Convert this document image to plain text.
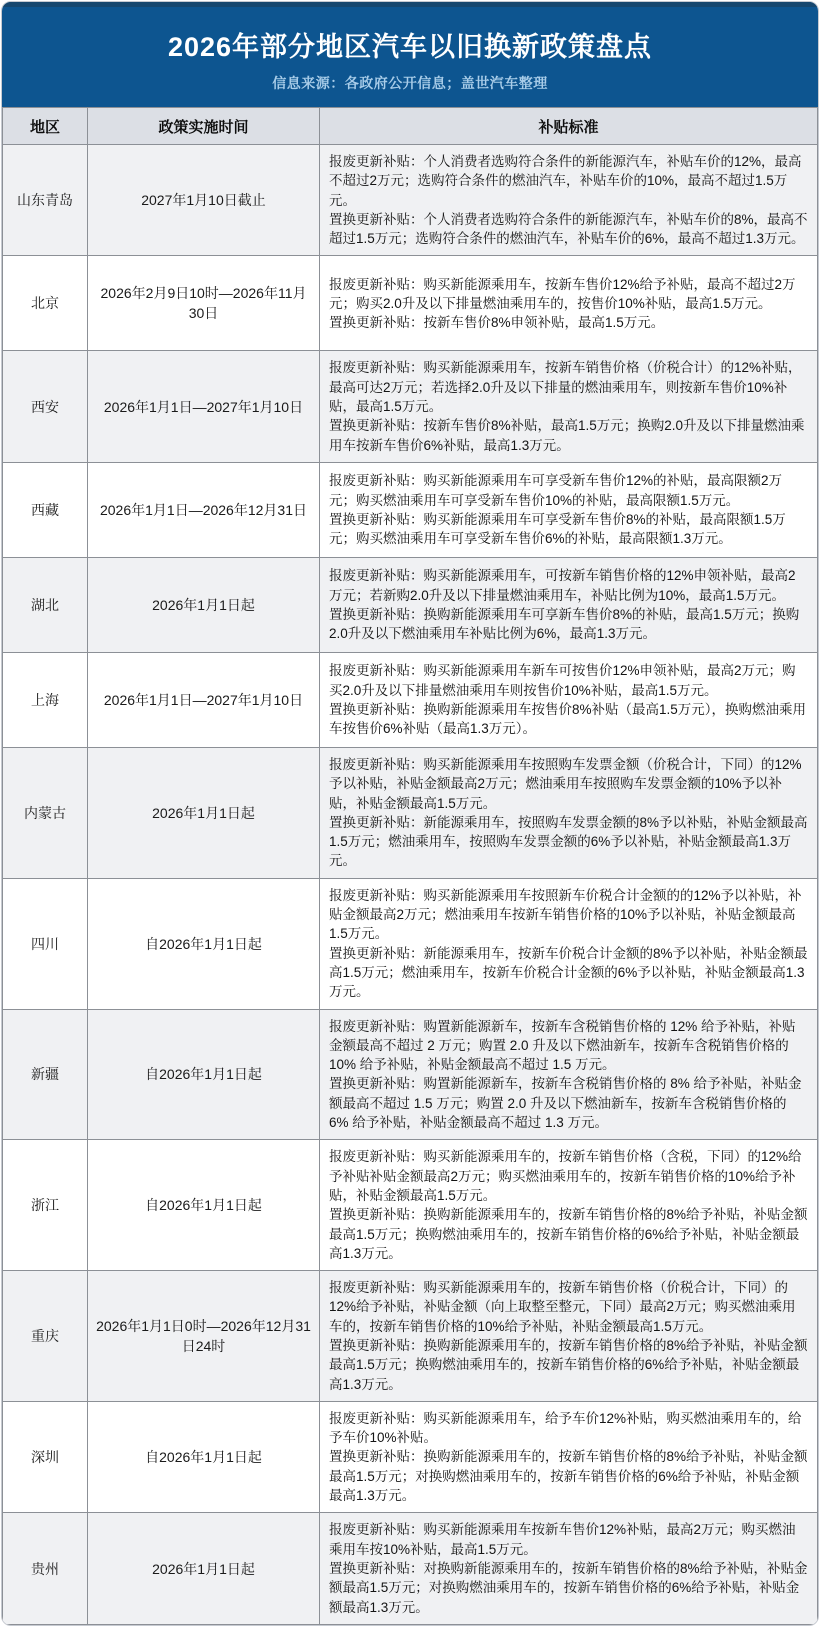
2026年部分地区汽车以旧换新政策盘点
信息来源：各政府公开信息；盖世汽车整理
地区	政策实施时间	补贴标准
山东青岛	2027年1月10日截止	报废更新补贴：个人消费者选购符合条件的新能源汽车，补贴车价的12%，最高不超过2万元；选购符合条件的燃油汽车，补贴车价的10%，最高不超过1.5万元。
置换更新补贴：个人消费者选购符合条件的新能源汽车，补贴车价的8%，最高不超过1.5万元；选购符合条件的燃油汽车，补贴车价的6%，最高不超过1.3万元。

北京	2026年2月9日10时—2026年11月30日	报废更新补贴：购买新能源乘用车，按新车售价12%给予补贴，最高不超过2万元；购买2.0升及以下排量燃油乘用车的，按售价10%补贴，最高1.5万元。
置换更新补贴：按新车售价8%申领补贴，最高1.5万元。

西安	2026年1月1日—2027年1月10日	报废更新补贴：购买新能源乘用车，按新车销售价格（价税合计）的12%补贴，最高可达2万元；若选择2.0升及以下排量的燃油乘用车，则按新车售价10%补贴，最高1.5万元。
置换更新补贴：按新车售价8%补贴，最高1.5万元；换购2.0升及以下排量燃油乘用车按新车售价6%补贴，最高1.3万元。

西藏	2026年1月1日—2026年12月31日	报废更新补贴：购买新能源乘用车可享受新车售价12%的补贴，最高限额2万元；购买燃油乘用车可享受新车售价10%的补贴，最高限额1.5万元。
置换更新补贴：购买新能源乘用车可享受新车售价8%的补贴，最高限额1.5万元；购买燃油乘用车可享受新车售价6%的补贴，最高限额1.3万元。

湖北	2026年1月1日起	报废更新补贴：购买新能源乘用车，可按新车销售价格的12%申领补贴，最高2万元；若新购2.0升及以下排量燃油乘用车，补贴比例为10%，最高1.5万元。
置换更新补贴：换购新能源乘用车可享新车售价8%的补贴，最高1.5万元；换购2.0升及以下燃油乘用车补贴比例为6%，最高1.3万元。

上海	2026年1月1日—2027年1月10日	报废更新补贴：购买新能源乘用车新车可按售价12%申领补贴，最高2万元；购买2.0升及以下排量燃油乘用车则按售价10%补贴，最高1.5万元。
置换更新补贴：换购新能源乘用车按售价8%补贴（最高1.5万元），换购燃油乘用车按售价6%补贴（最高1.3万元）。

内蒙古	2026年1月1日起	报废更新补贴：购买新能源乘用车按照购车发票金额（价税合计，下同）的12%予以补贴，补贴金额最高2万元；燃油乘用车按照购车发票金额的10%予以补贴，补贴金额最高1.5万元。
置换更新补贴：新能源乘用车，按照购车发票金额的8%予以补贴，补贴金额最高1.5万元；燃油乘用车，按照购车发票金额的6%予以补贴，补贴金额最高1.3万元。

四川	自2026年1月1日起	报废更新补贴：购买新能源乘用车按照新车价税合计金额的的12%予以补贴，补贴金额最高2万元；燃油乘用车按新车销售价格的10%予以补贴，补贴金额最高1.5万元。
置换更新补贴：新能源乘用车，按新车价税合计金额的8%予以补贴，补贴金额最高1.5万元；燃油乘用车，按新车价税合计金额的6%予以补贴，补贴金额最高1.3万元。

新疆	自2026年1月1日起	报废更新补贴：购置新能源新车，按新车含税销售价格的 12% 给予补贴，补贴金额最高不超过 2 万元；购置 2.0 升及以下燃油新车，按新车含税销售价格的 10% 给予补贴，补贴金额最高不超过 1.5 万元。
置换更新补贴：购置新能源新车，按新车含税销售价格的 8% 给予补贴，补贴金额最高不超过 1.5 万元；购置 2.0 升及以下燃油新车，按新车含税销售价格的 6% 给予补贴，补贴金额最高不超过 1.3 万元。

浙江	自2026年1月1日起	报废更新补贴：购买新能源乘用车的，按新车销售价格（含税，下同）的12%给予补贴补贴金额最高2万元；购买燃油乘用车的，按新车销售价格的10%给予补贴，补贴金额最高1.5万元。
置换更新补贴：换购新能源乘用车的，按新车销售价格的8%给予补贴，补贴金额最高1.5万元；换购燃油乘用车的，按新车销售价格的6%给予补贴，补贴金额最高1.3万元。

重庆	2026年1月1日0时—2026年12月31日24时	报废更新补贴：购买新能源乘用车的，按新车销售价格（价税合计，下同）的12%给予补贴，补贴金额（向上取整至整元，下同）最高2万元；购买燃油乘用车的，按新车销售价格的10%给予补贴，补贴金额最高1.5万元。
置换更新补贴：换购新能源乘用车的，按新车销售价格的8%给予补贴，补贴金额最高1.5万元；换购燃油乘用车的，按新车销售价格的6%给予补贴，补贴金额最高1.3万元。

深圳	自2026年1月1日起	报废更新补贴：购买新能源乘用车，给予车价12%补贴，购买燃油乘用车的，给予车价10%补贴。
置换更新补贴：换购新能源乘用车的，按新车销售价格的8%给予补贴，补贴金额最高1.5万元；对换购燃油乘用车的，按新车销售价格的6%给予补贴，补贴金额最高1.3万元。

贵州	2026年1月1日起	报废更新补贴：购买新能源乘用车按新车售价12%补贴，最高2万元；购买燃油乘用车按10%补贴，最高1.5万元。
置换更新补贴：对换购新能源乘用车的，按新车销售价格的8%给予补贴，补贴金额最高1.5万元；对换购燃油乘用车的，按新车销售价格的6%给予补贴，补贴金额最高1.3万元。
